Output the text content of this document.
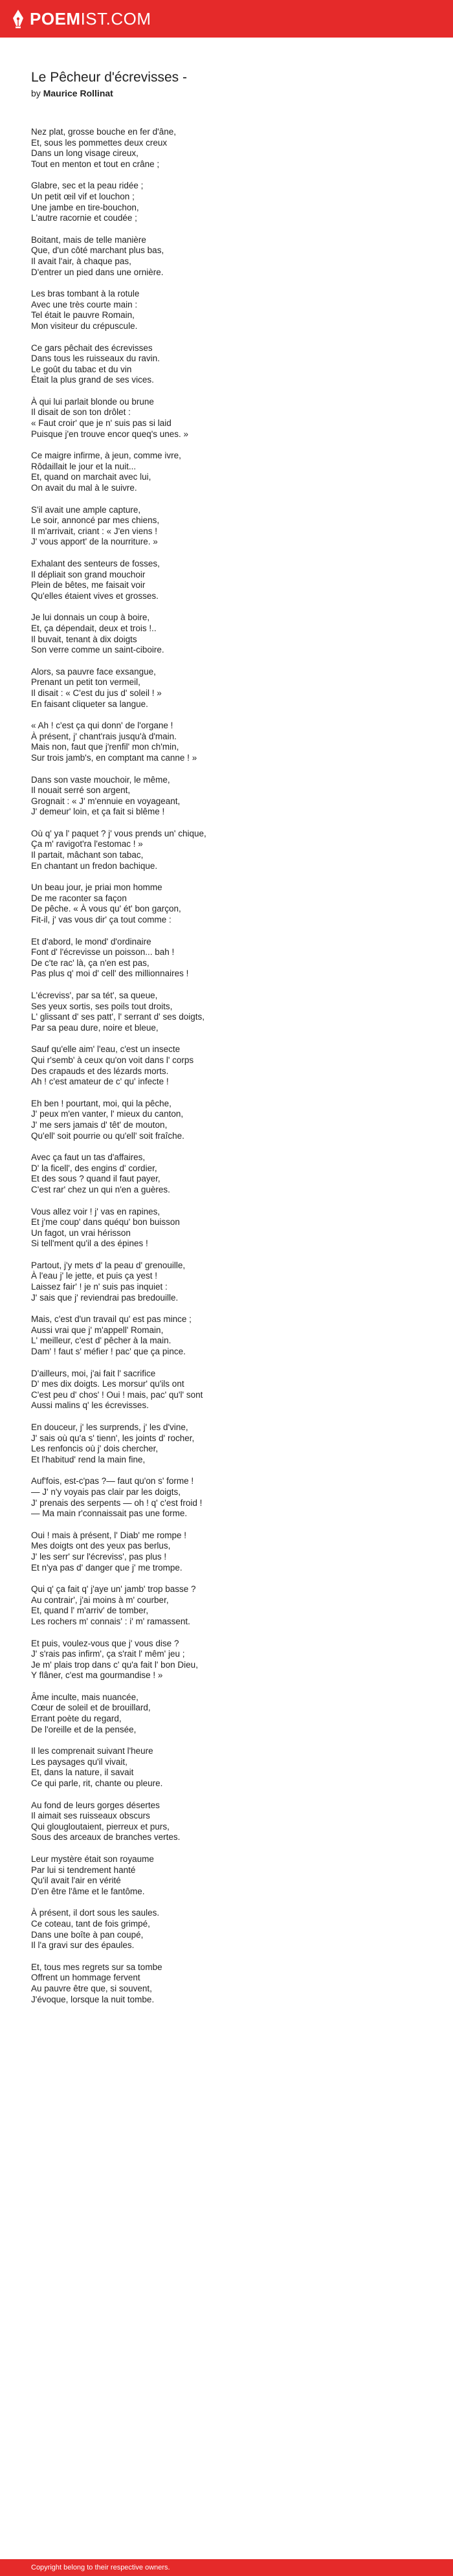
POEMIST.COM
Le Pêcheur d'écrevisses -
by Maurice Rollinat
Nez plat, grosse bouche en fer d'âne,
Et, sous les pommettes deux creux
Dans un long visage cireux,
Tout en menton et tout en crâne ;
Glabre, sec et la peau ridée ;
Un petit œil vif et louchon ;
Une jambe en tire-bouchon,
L'autre racornie et coudée ;
Boitant, mais de telle manière
Que, d'un côté marchant plus bas,
Il avait l'air, à chaque pas,
D'entrer un pied dans une ornière.
Les bras tombant à la rotule
Avec une très courte main :
Tel était le pauvre Romain,
Mon visiteur du crépuscule.
Ce gars pêchait des écrevisses
Dans tous les ruisseaux du ravin.
Le goût du tabac et du vin
Était la plus grand de ses vices.
À qui lui parlait blonde ou brune
Il disait de son ton drôlet :
« Faut croir' que je n' suis pas si laid
Puisque j'en trouve encor queq's unes. »
Ce maigre infirme, à jeun, comme ivre,
Rôdaillait le jour et la nuit...
Et, quand on marchait avec lui,
On avait du mal à le suivre.
S'il avait une ample capture,
Le soir, annoncé par mes chiens,
Il m'arrivait, criant : « J'en viens !
J' vous apport' de la nourriture. »
Exhalant des senteurs de fosses,
Il dépliait son grand mouchoir
Plein de bêtes, me faisait voir
Qu'elles étaient vives et grosses.
Je lui donnais un coup à boire,
Et, ça dépendait, deux et trois !..
Il buvait, tenant à dix doigts
Son verre comme un saint-ciboire.
Alors, sa pauvre face exsangue,
Prenant un petit ton vermeil,
Il disait : « C'est du jus d' soleil ! »
En faisant cliqueter sa langue.
« Ah ! c'est ça qui donn' de l'organe !
À présent, j' chant'rais jusqu'à d'main.
Mais non, faut que j'renfil' mon ch'min,
Sur trois jamb's, en comptant ma canne ! »
Dans son vaste mouchoir, le même,
Il nouait serré son argent,
Grognait : « J' m'ennuie en voyageant,
J' demeur' loin, et ça fait si blême !
Où q' ya l' paquet ? j' vous prends un' chique,
Ça m' ravigot'ra l'estomac ! »
Il partait, mâchant son tabac,
En chantant un fredon bachique.
Un beau jour, je priai mon homme
De me raconter sa façon
De pêche. « À vous qu' ét' bon garçon,
Fit-il, j' vas vous dir' ça tout comme :
Et d'abord, le mond' d'ordinaire
Font d' l'écrevisse un poisson... bah !
De c'te rac' là, ça n'en est pas,
Pas plus q' moi d' cell' des millionnaires !
L'écreviss', par sa tét', sa queue,
Ses yeux sortis, ses poils tout droits,
L' glissant d' ses patt', l' serrant d' ses doigts,
Par sa peau dure, noire et bleue,
Sauf qu'elle aim' l'eau, c'est un insecte
Qui r'semb' à ceux qu'on voit dans l' corps
Des crapauds et des lézards morts.
Ah ! c'est amateur de c' qu' infecte !
Eh ben ! pourtant, moi, qui la pêche,
J' peux m'en vanter, l' mieux du canton,
J' me sers jamais d' têt' de mouton,
Qu'ell' soit pourrie ou qu'ell' soit fraîche.
Avec ça faut un tas d'affaires,
D' la ficell', des engins d' cordier,
Et des sous ? quand il faut payer,
C'est rar' chez un qui n'en a guères.
Vous allez voir ! j' vas en rapines,
Et j'me coup' dans quéqu' bon buisson
Un fagot, un vrai hérisson
Si tell'ment qu'il a des épines !
Partout, j'y mets d' la peau d' grenouille,
À l'eau j' le jette, et puis ça yest !
Laissez fair' ! je n' suis pas inquiet :
J' sais que j' reviendrai pas bredouille.
Mais, c'est d'un travail qu' est pas mince ;
Aussi vrai que j' m'appell' Romain,
L' meilleur, c'est d' pêcher à la main.
Dam' ! faut s' méfier ! pac' que ça pince.
D'ailleurs, moi, j'ai fait l' sacrifice
D' mes dix doigts. Les morsur' qu'ils ont
C'est peu d' chos' ! Oui ! mais, pac' qu'l' sont
Aussi malins q' les écrevisses.
En douceur, j' les surprends, j' les d'vine,
J' sais où qu'a s' tienn', les joints d' rocher,
Les renfoncis où j' dois chercher,
Et l'habitud' rend la main fine,
Auf'fois, est-c'pas ?— faut qu'on s' forme !
— J' n'y voyais pas clair par les doigts,
J' prenais des serpents — oh ! q' c'est froid !
— Ma main r'connaissait pas une forme.
Oui ! mais à présent, l' Diab' me rompe !
Mes doigts ont des yeux pas berlus,
J' les serr' sur l'écreviss', pas plus !
Et n'ya pas d' danger que j' me trompe.
Qui q' ça fait q' j'aye un' jamb' trop basse ?
Au contrair', j'ai moins à m' courber,
Et, quand l' m'arriv' de tomber,
Les rochers m' connais' : i' m' ramassent.
Et puis, voulez-vous que j' vous dise ?
J' s'rais pas infirm', ça s'rait l' mêm' jeu ;
Je m' plais trop dans c' qu'a fait l' bon Dieu,
Y flâner, c'est ma gourmandise ! »
Âme inculte, mais nuancée,
Cœur de soleil et de brouillard,
Errant poète du regard,
De l'oreille et de la pensée,
Il les comprenait suivant l'heure
Les paysages qu'il vivait,
Et, dans la nature, il savait
Ce qui parle, rit, chante ou pleure.
Au fond de leurs gorges désertes
Il aimait ses ruisseaux obscurs
Qui glougloutaient, pierreux et purs,
Sous des arceaux de branches vertes.
Leur mystère était son royaume
Par lui si tendrement hanté
Qu'il avait l'air en vérité
D'en être l'âme et le fantôme.
À présent, il dort sous les saules.
Ce coteau, tant de fois grimpé,
Dans une boîte à pan coupé,
Il l'a gravi sur des épaules.
Et, tous mes regrets sur sa tombe
Offrent un hommage fervent
Au pauvre être que, si souvent,
J'évoque, lorsque la nuit tombe.
Copyright belong to their respective owners.
